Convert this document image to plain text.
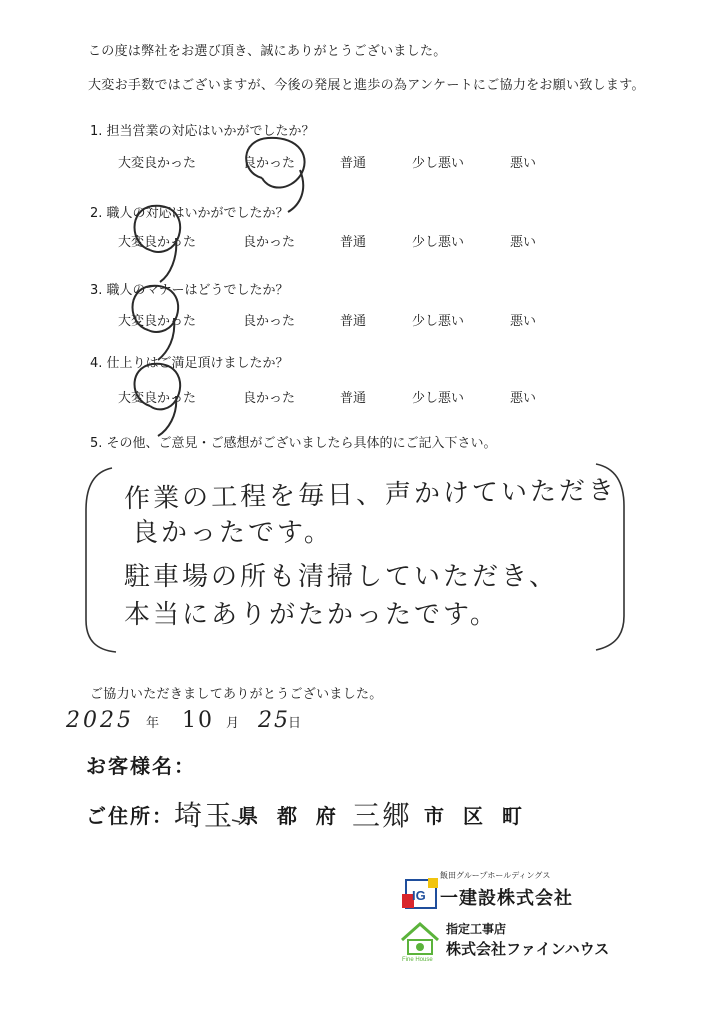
この度は弊社をお選び頂き、誠にありがとうございました。
大変お手数ではございますが、今後の発展と進歩の為アンケートにご協力をお願い致します。
1. 担当営業の対応はいかがでしたか？
大変良かった	良かった	普通	少し悪い	悪い
2. 職人の対応はいかがでしたか？
大変良かった	良かった	普通	少し悪い	悪い
3. 職人のマナーはどうでしたか？
大変良かった	良かった	普通	少し悪い	悪い
4. 仕上りはご満足頂けましたか？
大変良かった	良かった	普通	少し悪い	悪い
5. その他、ご意見・ご感想がございましたら具体的にご記入下さい。
作業の工程を毎日、声かけていただき
良かったです。
駐車場の所も清掃していただき、
本当にありがたかったです。
ご協力いただきましてありがとうございました。
2025 年 10 月 25
日
お客様名：
ご住所： 埼玉 県 都 府 三郷 市 区 町
IG
飯田グループホールディングス
一建設株式会社
Fine House
指定工事店
株式会社ファインハウス
